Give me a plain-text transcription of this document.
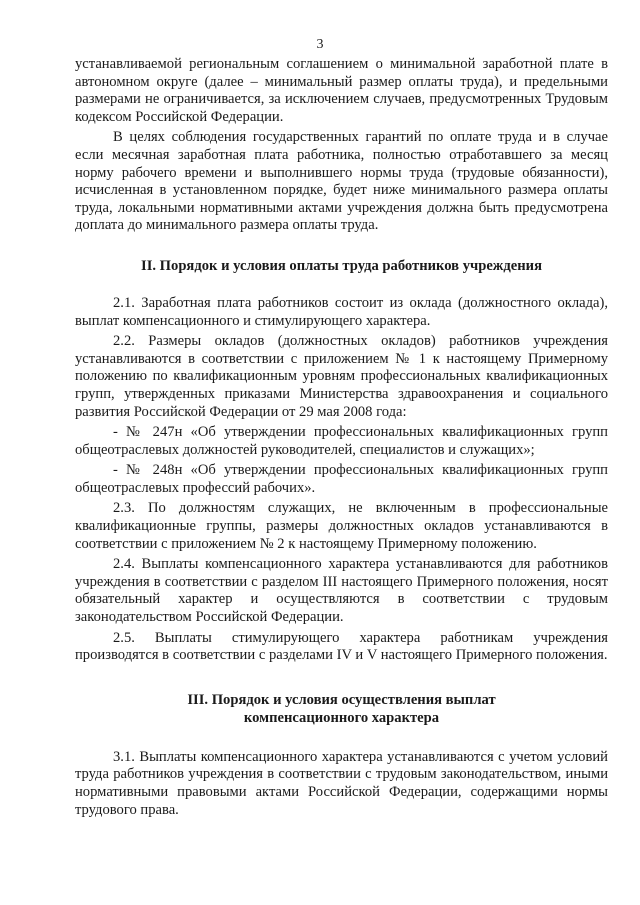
3

устанавливаемой региональным соглашением о минимальной заработной плате в автономном округе (далее – минимальный размер оплаты труда), и предельными размерами не ограничивается, за исключением случаев, предусмотренных Трудовым кодексом Российской Федерации.

В целях соблюдения государственных гарантий по оплате труда и в случае если месячная заработная плата работника, полностью отработавшего за месяц норму рабочего времени и выполнившего нормы труда (трудовые обязанности), исчисленная в установленном порядке, будет ниже минимального размера оплаты труда, локальными нормативными актами учреждения должна быть предусмотрена доплата до минимального размера оплаты труда.

II. Порядок и условия оплаты труда работников учреждения

2.1. Заработная плата работников состоит из оклада (должностного оклада), выплат компенсационного и стимулирующего характера.

2.2. Размеры окладов (должностных окладов) работников учреждения устанавливаются в соответствии с приложением № 1 к настоящему Примерному положению по квалификационным уровням профессиональных квалификационных групп, утвержденных приказами Министерства здравоохранения и социального развития Российской Федерации от 29 мая 2008 года:

- № 247н «Об утверждении профессиональных квалификационных групп общеотраслевых должностей руководителей, специалистов и служащих»;

- № 248н «Об утверждении профессиональных квалификационных групп общеотраслевых профессий рабочих».

2.3. По должностям служащих, не включенным в профессиональные квалификационные группы, размеры должностных окладов устанавливаются в соответствии с приложением № 2 к настоящему Примерному положению.

2.4. Выплаты компенсационного характера устанавливаются для работников учреждения в соответствии с разделом III настоящего Примерного положения, носят обязательный характер и осуществляются в соответствии с трудовым законодательством Российской Федерации.

2.5. Выплаты стимулирующего характера работникам учреждения производятся в соответствии с разделами IV и V настоящего Примерного положения.

III. Порядок и условия осуществления выплат

компенсационного характера

3.1. Выплаты компенсационного характера устанавливаются с учетом условий труда работников учреждения в соответствии с трудовым законодательством, иными нормативными правовыми актами Российской Федерации, содержащими нормы трудового права.
